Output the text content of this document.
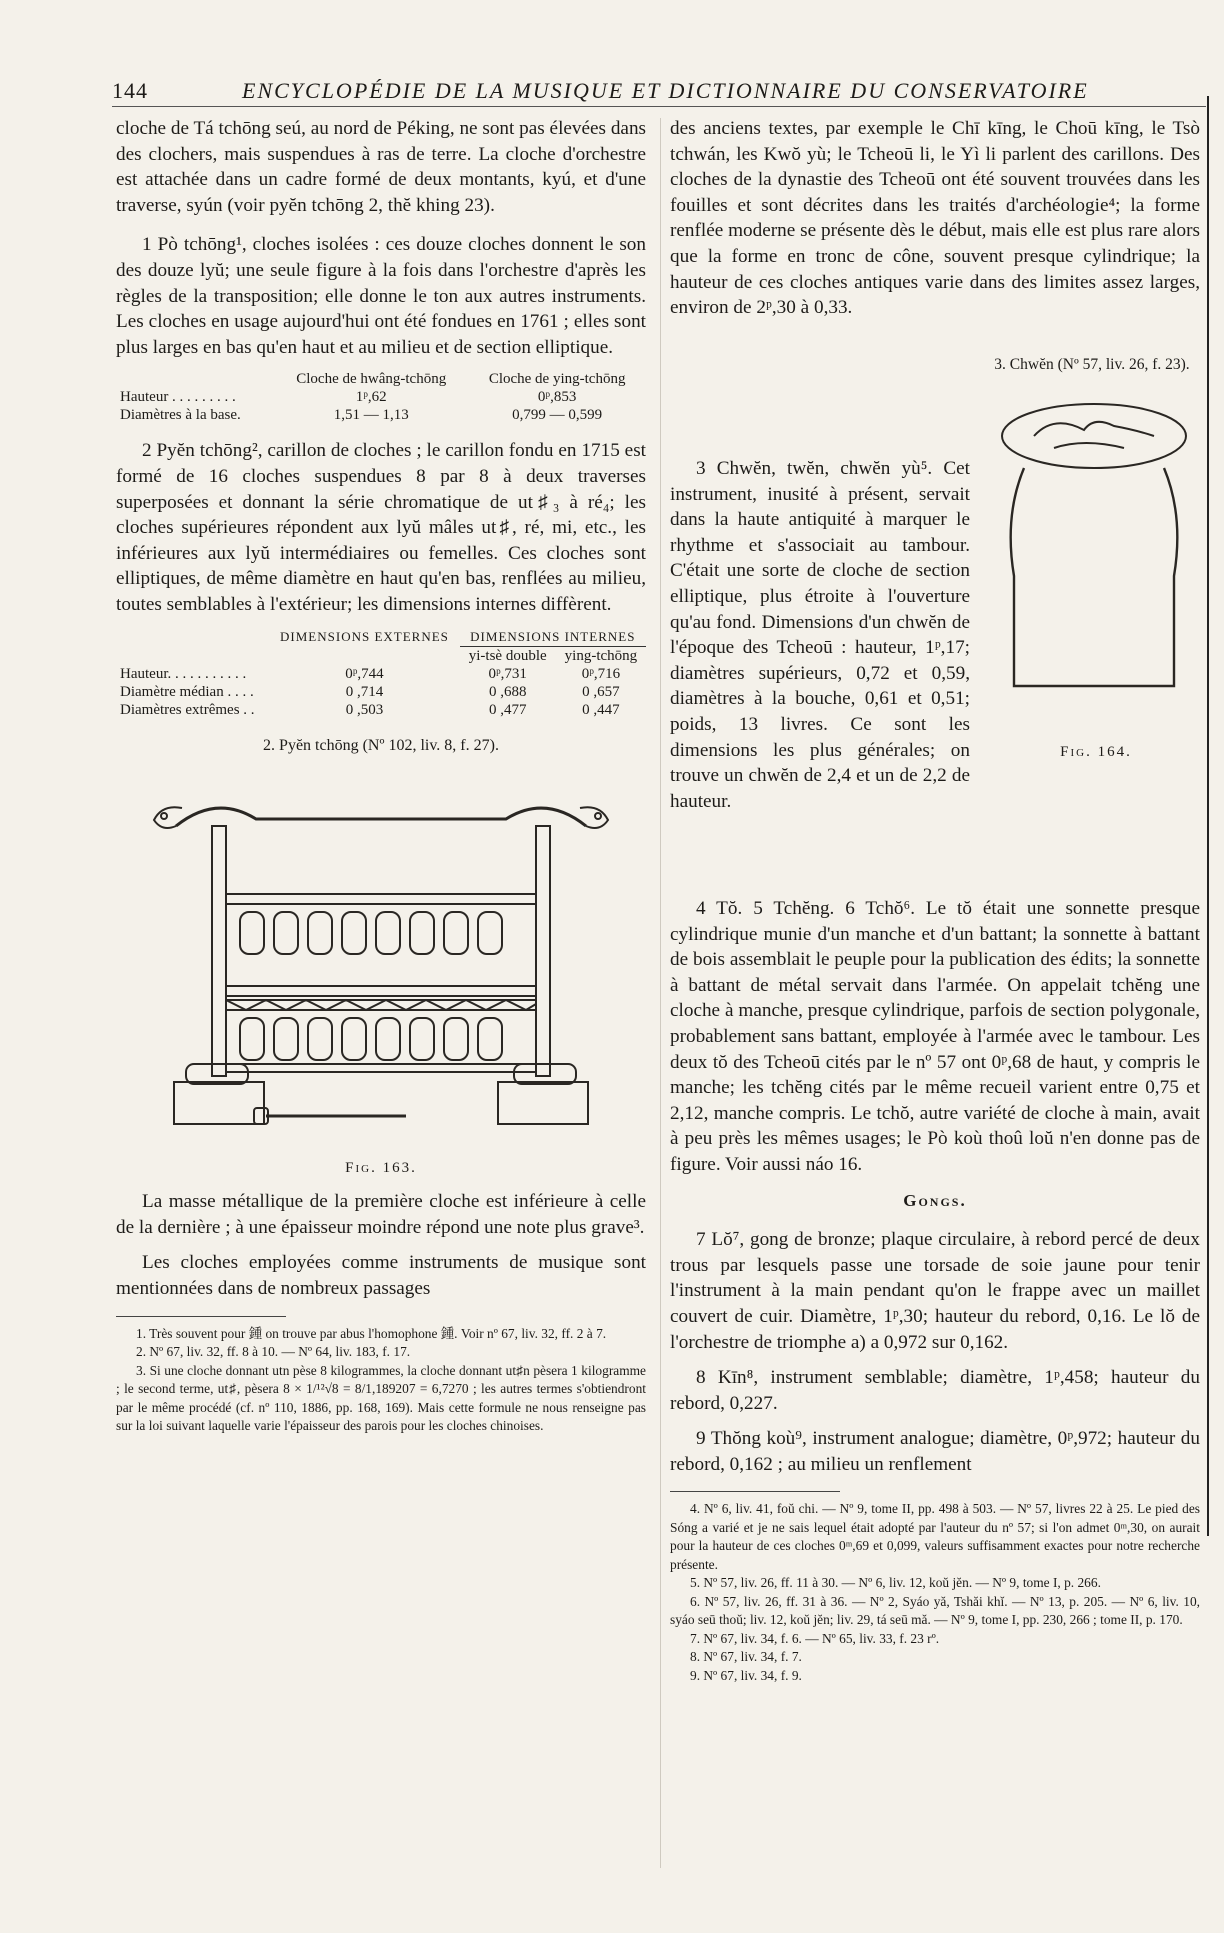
144	ENCYCLOPÉDIE DE LA MUSIQUE ET DICTIONNAIRE DU CONSERVATOIRE

cloche de Tá tchōng seú, au nord de Péking, ne sont pas élevées dans des clochers, mais suspendues à ras de terre. La cloche d'orchestre est attachée dans un cadre formé de deux montants, kyú, et d'une traverse, syún (voir pyĕn tchōng 2, thĕ khing 23).

1 Pò tchōng¹, cloches isolées : ces douze cloches donnent le son des douze lyŭ; une seule figure à la fois dans l'orchestre d'après les règles de la transposition; elle donne le ton aux autres instruments. Les cloches en usage aujourd'hui ont été fondues en 1761 ; elles sont plus larges en bas qu'en haut et au milieu et de section elliptique.

	Cloche de hwâng-tchōng	Cloche de ying-tchōng
Hauteur . . . . . . . . .	1ᵖ,62	0ᵖ,853
Diamètres à la base.	1,51 — 1,13	0,799 — 0,599

2 Pyĕn tchōng², carillon de cloches ; le carillon fondu en 1715 est formé de 16 cloches suspendues 8 par 8 à deux traverses superposées et donnant la série chromatique de ut♯₃ à ré₄; les cloches supérieures répondent aux lyŭ mâles ut♯, ré, mi, etc., les inférieures aux lyŭ intermédiaires ou femelles. Ces cloches sont elliptiques, de même diamètre en haut qu'en bas, renflées au milieu, toutes semblables à l'extérieur; les dimensions internes diffèrent.

	DIMENSIONS EXTERNES	DIMENSIONS INTERNES	
		yi-tsè double	ying-tchōng
Hauteur. . . . . . . . . . .	0ᵖ,744	0ᵖ,731	0ᵖ,716
Diamètre médian . . . .	0 ,714	0 ,688	0 ,657
Diamètres extrêmes . .	0 ,503	0 ,477	0 ,447
2. Pyĕn tchōng (Nº 102, liv. 8, f. 27).
Fig. 163.

La masse métallique de la première cloche est inférieure à celle de la dernière ; à une épaisseur moindre répond une note plus grave³.

Les cloches employées comme instruments de musique sont mentionnées dans de nombreux passages

1. Très souvent pour 鍾 on trouve par abus l'homophone 鍾. Voir nº 67, liv. 32, ff. 2 à 7.

2. Nº 67, liv. 32, ff. 8 à 10. — Nº 64, liv. 183, f. 17.

3. Si une cloche donnant utn pèse 8 kilogrammes, la cloche donnant ut♯n pèsera 1 kilogramme ; le second terme, ut♯, pèsera 8 × 1/¹²√8 = 8/1,189207 = 6,7270 ; les autres termes s'obtiendront par le même procédé (cf. nº 110, 1886, pp. 168, 169). Mais cette formule ne nous renseigne pas sur la loi suivant laquelle varie l'épaisseur des parois pour les cloches chinoises.

des anciens textes, par exemple le Chī kīng, le Choū kīng, le Tsò tchwán, les Kwŏ yù; le Tcheoū li, le Yì li parlent des carillons. Des cloches de la dynastie des Tcheoū ont été souvent trouvées dans les fouilles et sont décrites dans les traités d'archéologie⁴; la forme renflée moderne se présente dès le début, mais elle est plus rare alors que la forme en tronc de cône, souvent presque cylindrique; la hauteur de ces cloches antiques varie dans des limites assez larges, environ de 2ᵖ,30 à 0,33.

3 Chwĕn, twĕn, chwĕn yù⁵. Cet instrument, inusité à présent, servait dans la haute antiquité à marquer le rhythme et s'associait au tambour. C'était une sorte de cloche de section elliptique, plus étroite à l'ouverture qu'au fond. Dimensions d'un chwĕn de l'époque des Tcheoū : hauteur, 1ᵖ,17; diamètres supérieurs, 0,72 et 0,59, diamètres à la bouche, 0,61 et 0,51; poids, 13 livres. Ce sont les dimensions les plus générales; on trouve un chwĕn de 2,4 et un de 2,2 de hauteur.

3. Chwĕn (Nº 57, liv. 26, f. 23).
Fig. 164.

4 Tŏ. 5 Tchĕng. 6 Tchŏ⁶. Le tŏ était une sonnette presque cylindrique munie d'un manche et d'un battant; la sonnette à battant de bois assemblait le peuple pour la publication des édits; la sonnette à battant de métal servait dans l'armée. On appelait tchĕng une cloche à manche, presque cylindrique, parfois de section polygonale, probablement sans battant, employée à l'armée avec le tambour. Les deux tŏ des Tcheoū cités par le nº 57 ont 0ᵖ,68 de haut, y compris le manche; les tchĕng cités par le même recueil varient entre 0,75 et 2,12, manche compris. Le tchŏ, autre variété de cloche à main, avait à peu près les mêmes usages; le Pò koù thoû loŭ n'en donne pas de figure. Voir aussi náo 16.

Gongs.

7 Lŏ⁷, gong de bronze; plaque circulaire, à rebord percé de deux trous par lesquels passe une torsade de soie jaune pour tenir l'instrument à la main pendant qu'on le frappe avec un maillet couvert de cuir. Diamètre, 1ᵖ,30; hauteur du rebord, 0,16. Le lŏ de l'orchestre de triomphe a) a 0,972 sur 0,162.

8 Kīn⁸, instrument semblable; diamètre, 1ᵖ,458; hauteur du rebord, 0,227.

9 Thŏng koù⁹, instrument analogue; diamètre, 0ᵖ,972; hauteur du rebord, 0,162 ; au milieu un renflement

4. Nº 6, liv. 41, foŭ chi. — Nº 9, tome II, pp. 498 à 503. — Nº 57, livres 22 à 25. Le pied des Sóng a varié et je ne sais lequel était adopté par l'auteur du nº 57; si l'on admet 0ᵐ,30, on aurait pour la hauteur de ces cloches 0ᵐ,69 et 0,099, valeurs suffisamment exactes pour notre recherche présente.

5. Nº 57, liv. 26, ff. 11 à 30. — Nº 6, liv. 12, koŭ jĕn. — Nº 9, tome I, p. 266.

6. Nº 57, liv. 26, ff. 31 à 36. — Nº 2, Syáo yă, Tshăi khĭ. — Nº 13, p. 205. — Nº 6, liv. 10, syáo seū thoŭ; liv. 12, koŭ jĕn; liv. 29, tá seū mă. — Nº 9, tome I, pp. 230, 266 ; tome II, p. 170.

7. Nº 67, liv. 34, f. 6. — Nº 65, liv. 33, f. 23 rº.

8. Nº 67, liv. 34, f. 7.

9. Nº 67, liv. 34, f. 9.
